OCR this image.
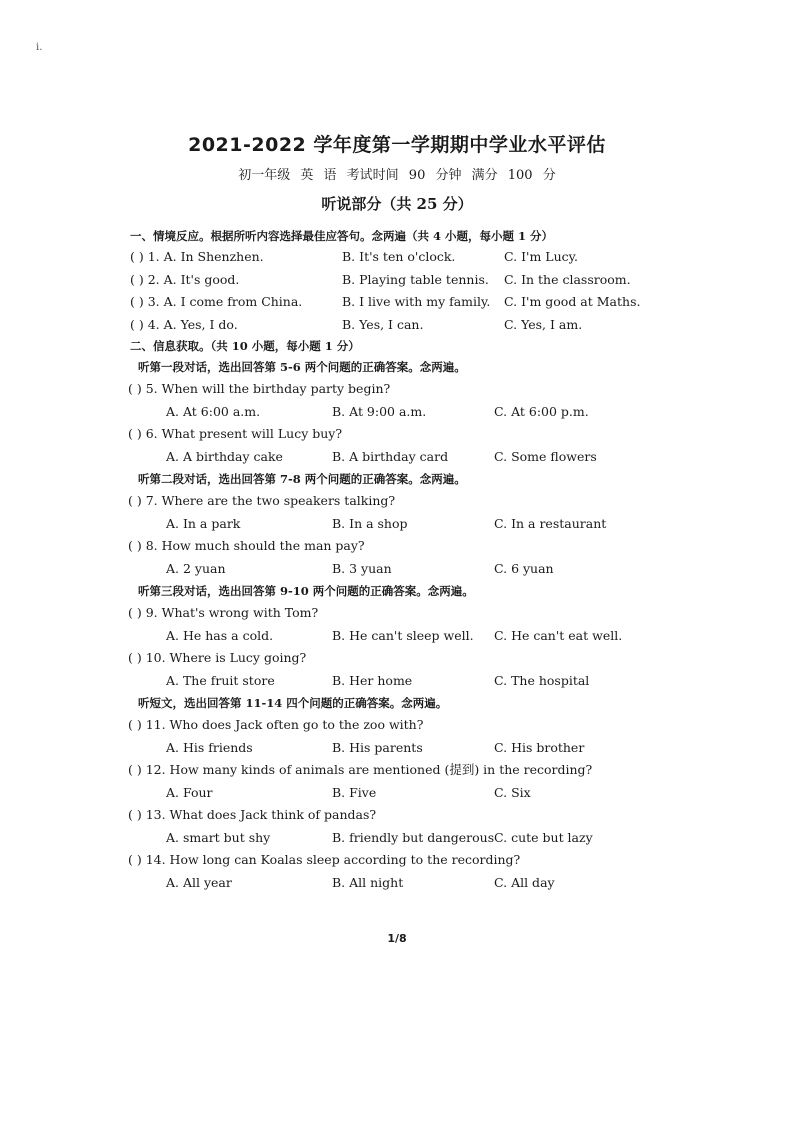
i.
2021-2022 学年度第一学期期中学业水平评估
初一年级 英 语 考试时间 90 分钟 满分 100 分
听说部分（共 25 分）
一、情境反应。根据所听内容选择最佳应答句。念两遍（共 4 小题，每小题 1 分）
( ) 1. A. In Shenzhen.	B. It's ten o'clock.	C. I'm Lucy.
( ) 2. A. It's good.	B. Playing table tennis. C. In the classroom.
( ) 3. A. I come from China.	B. I live with my family. C. I'm good at Maths.
( ) 4. A. Yes, I do.	B. Yes, I can.	C. Yes, I am.
二、信息获取。（共 10 小题，每小题 1 分）
听第一段对话，选出回答第 5-6 两个问题的正确答案。念两遍。
( ) 5. When will the birthday party begin?
A. At 6:00 a.m.	B. At 9:00 a.m.	C. At 6:00 p.m.
( ) 6. What present will Lucy buy?
A. A birthday cake	B. A birthday card	C. Some flowers
听第二段对话，选出回答第 7-8 两个问题的正确答案。念两遍。
( ) 7. Where are the two speakers talking?
A. In a park	B. In a shop	C. In a restaurant
( ) 8. How much should the man pay?
A. 2 yuan	B. 3 yuan	C. 6 yuan
听第三段对话，选出回答第 9-10 两个问题的正确答案。念两遍。
( ) 9. What's wrong with Tom?
A. He has a cold.	B. He can't sleep well. C. He can't eat well.
( ) 10. Where is Lucy going?
A. The fruit store	B. Her home	C. The hospital
听短文，选出回答第 11-14 四个问题的正确答案。念两遍。
( ) 11. Who does Jack often go to the zoo with?
A. His friends	B. His parents	C. His brother
( ) 12. How many kinds of animals are mentioned (提到) in the recording?
A. Four	B. Five	C. Six
( ) 13. What does Jack think of pandas?
A. smart but shy	B. friendly but dangerous C. cute but lazy
( ) 14. How long can Koalas sleep according to the recording?
A. All year	B. All night	C. All day
1/8
